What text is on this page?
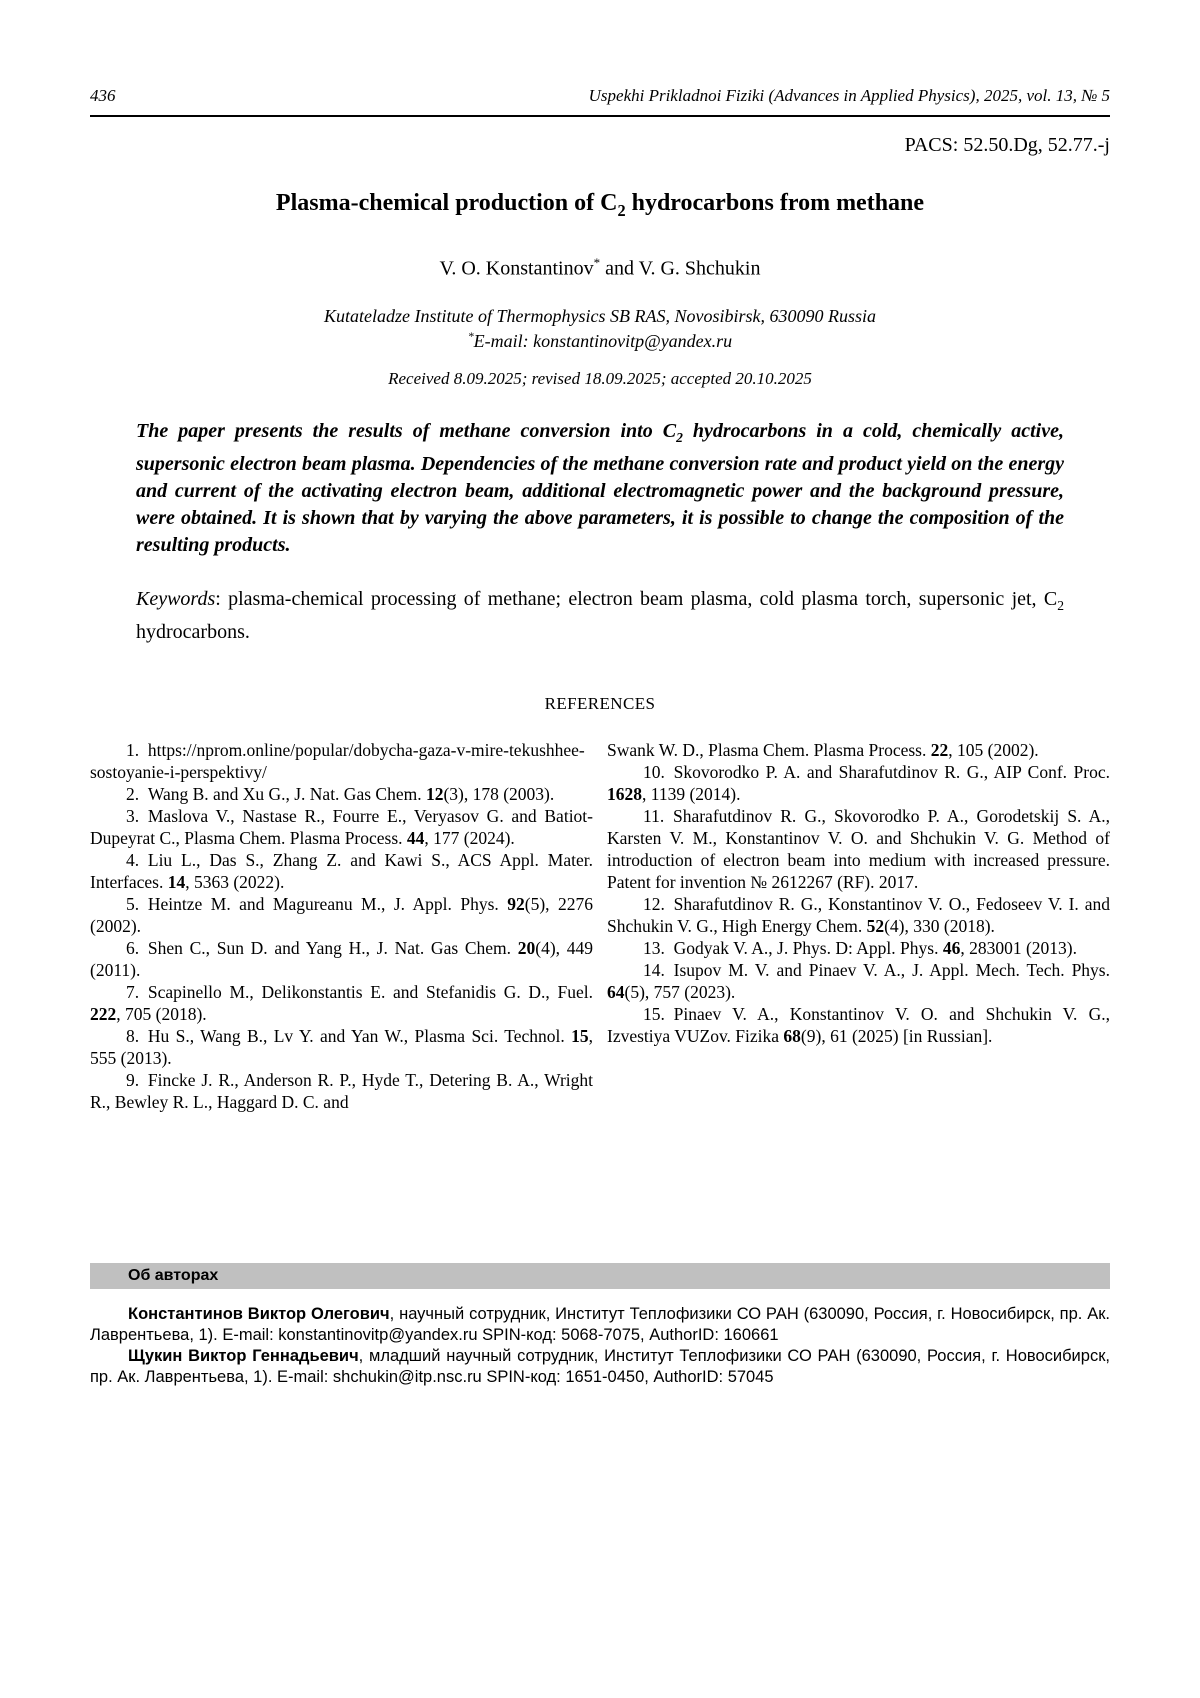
436	Uspekhi Prikladnoi Fiziki (Advances in Applied Physics), 2025, vol. 13, № 5
PACS: 52.50.Dg, 52.77.-j
Plasma-chemical production of $C_2$ hydrocarbons from methane
V. O. Konstantinov* and V. G. Shchukin
Kutateladze Institute of Thermophysics SB RAS, Novosibirsk, 630090 Russia
*E-mail: konstantinovitp@yandex.ru
Received 8.09.2025; revised 18.09.2025; accepted 20.10.2025

The paper presents the results of methane conversion into $C_2$ hydrocarbons in a cold, chemically active, supersonic electron beam plasma. Dependencies of the methane conversion rate and product yield on the energy and current of the activating electron beam, additional electromagnetic power and the background pressure, were obtained. It is shown that by varying the above parameters, it is possible to change the composition of the resulting products.

Keywords: plasma-chemical processing of methane; electron beam plasma, cold plasma torch, supersonic jet, $C_2$ hydrocarbons.

REFERENCES

1. https://nprom.online/popular/dobycha-gaza-v-mire-tekushhee-sostoyanie-i-perspektivy/

2. Wang B. and Xu G., J. Nat. Gas Chem. 12(3), 178 (2003).

3. Maslova V., Nastase R., Fourre E., Veryasov G. and Batiot-Dupeyrat C., Plasma Chem. Plasma Process. 44, 177 (2024).

4. Liu L., Das S., Zhang Z. and Kawi S., ACS Appl. Mater. Interfaces. 14, 5363 (2022).

5. Heintze M. and Magureanu M., J. Appl. Phys. 92(5), 2276 (2002).

6. Shen C., Sun D. and Yang H., J. Nat. Gas Chem. 20(4), 449 (2011).

7. Scapinello M., Delikonstantis E. and Stefanidis G. D., Fuel. 222, 705 (2018).

8. Hu S., Wang B., Lv Y. and Yan W., Plasma Sci. Technol. 15, 555 (2013).

9. Fincke J. R., Anderson R. P., Hyde T., Detering B. A., Wright R., Bewley R. L., Haggard D. C. and

Swank W. D., Plasma Chem. Plasma Process. 22, 105 (2002).

10. Skovorodko P. A. and Sharafutdinov R. G., AIP Conf. Proc. 1628, 1139 (2014).

11. Sharafutdinov R. G., Skovorodko P. A., Gorodetskij S. A., Karsten V. M., Konstantinov V. O. and Shchukin V. G. Method of introduction of electron beam into medium with increased pressure. Patent for invention № 2612267 (RF). 2017.

12. Sharafutdinov R. G., Konstantinov V. O., Fedoseev V. I. and Shchukin V. G., High Energy Chem. 52(4), 330 (2018).

13. Godyak V. A., J. Phys. D: Appl. Phys. 46, 283001 (2013).

14. Isupov M. V. and Pinaev V. A., J. Appl. Mech. Tech. Phys. 64(5), 757 (2023).

15. Pinaev V. A., Konstantinov V. O. and Shchukin V. G., Izvestiya VUZov. Fizika 68(9), 61 (2025) [in Russian].

Об авторах

Константинов Виктор Олегович, научный сотрудник, Институт Теплофизики СО РАН (630090, Россия, г. Новосибирск, пр. Ак. Лаврентьева, 1). E-mail: konstantinovitp@yandex.ru SPIN-код: 5068-7075, AuthorID: 160661

Щукин Виктор Геннадьевич, младший научный сотрудник, Институт Теплофизики СО РАН (630090, Россия, г. Новосибирск, пр. Ак. Лаврентьева, 1). E-mail: shchukin@itp.nsc.ru SPIN-код: 1651-0450, AuthorID: 57045
